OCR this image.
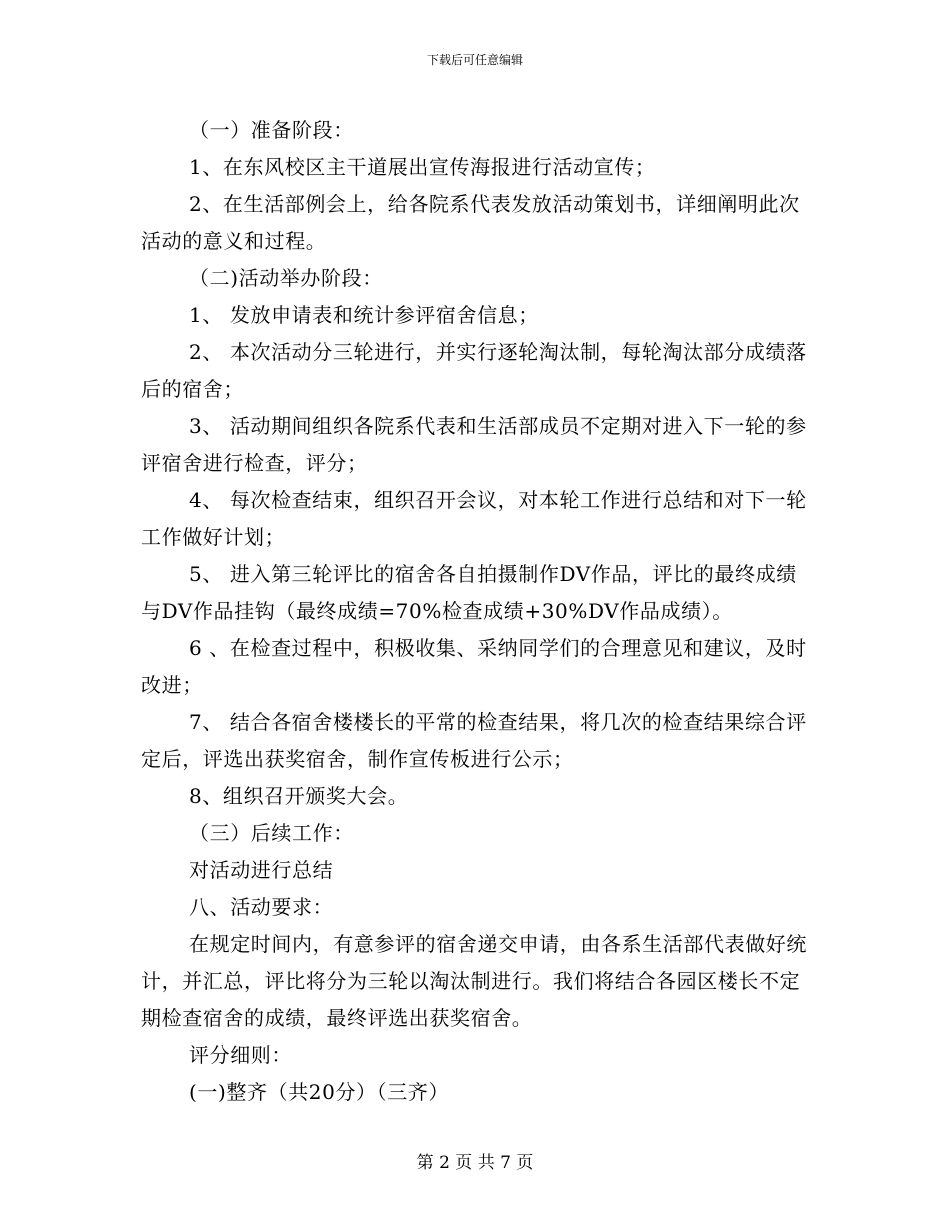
下载后可任意编辑

（一）准备阶段：

1、在东风校区主干道展出宣传海报进行活动宣传；

2、在生活部例会上，给各院系代表发放活动策划书，详细阐明此次活动的意义和过程。

（二)活动举办阶段：

1、 发放申请表和统计参评宿舍信息；

2、 本次活动分三轮进行，并实行逐轮淘汰制，每轮淘汰部分成绩落后的宿舍；

3、 活动期间组织各院系代表和生活部成员不定期对进入下一轮的参评宿舍进行检查，评分；

4、 每次检查结束，组织召开会议，对本轮工作进行总结和对下一轮工作做好计划；

5、 进入第三轮评比的宿舍各自拍摄制作DV作品，评比的最终成绩与DV作品挂钩（最终成绩=70%检查成绩+30%DV作品成绩）。

6 、在检查过程中，积极收集、采纳同学们的合理意见和建议，及时改进；

7、 结合各宿舍楼楼长的平常的检查结果，将几次的检查结果综合评定后，评选出获奖宿舍，制作宣传板进行公示；

8、组织召开颁奖大会。

（三）后续工作：

对活动进行总结

八、活动要求：

在规定时间内，有意参评的宿舍递交申请，由各系生活部代表做好统计，并汇总，评比将分为三轮以淘汰制进行。我们将结合各园区楼长不定期检查宿舍的成绩，最终评选出获奖宿舍。

评分细则：

(一)整齐（共20分）（三齐）

第 2 页 共 7 页
